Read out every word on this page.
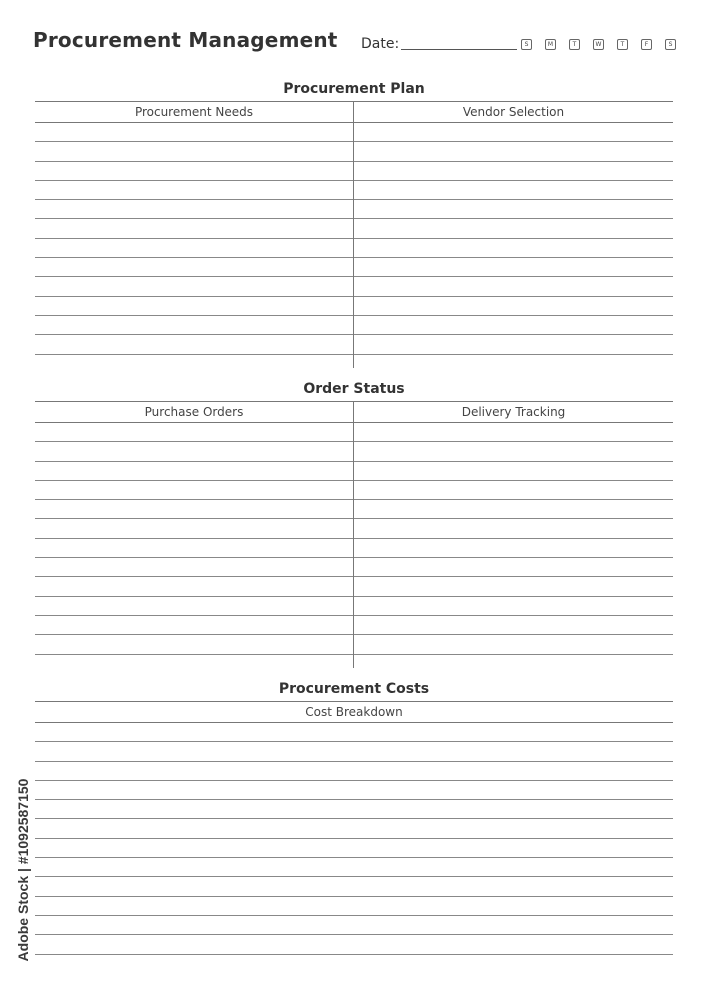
Procurement Management Date:	S	M	T	W	T	F	S
Procurement Plan
Procurement Needs	Vendor Selection
Order Status
Purchase Orders	Delivery Tracking
Procurement Costs
Cost Breakdown
Adobe Stock | #1092587150
